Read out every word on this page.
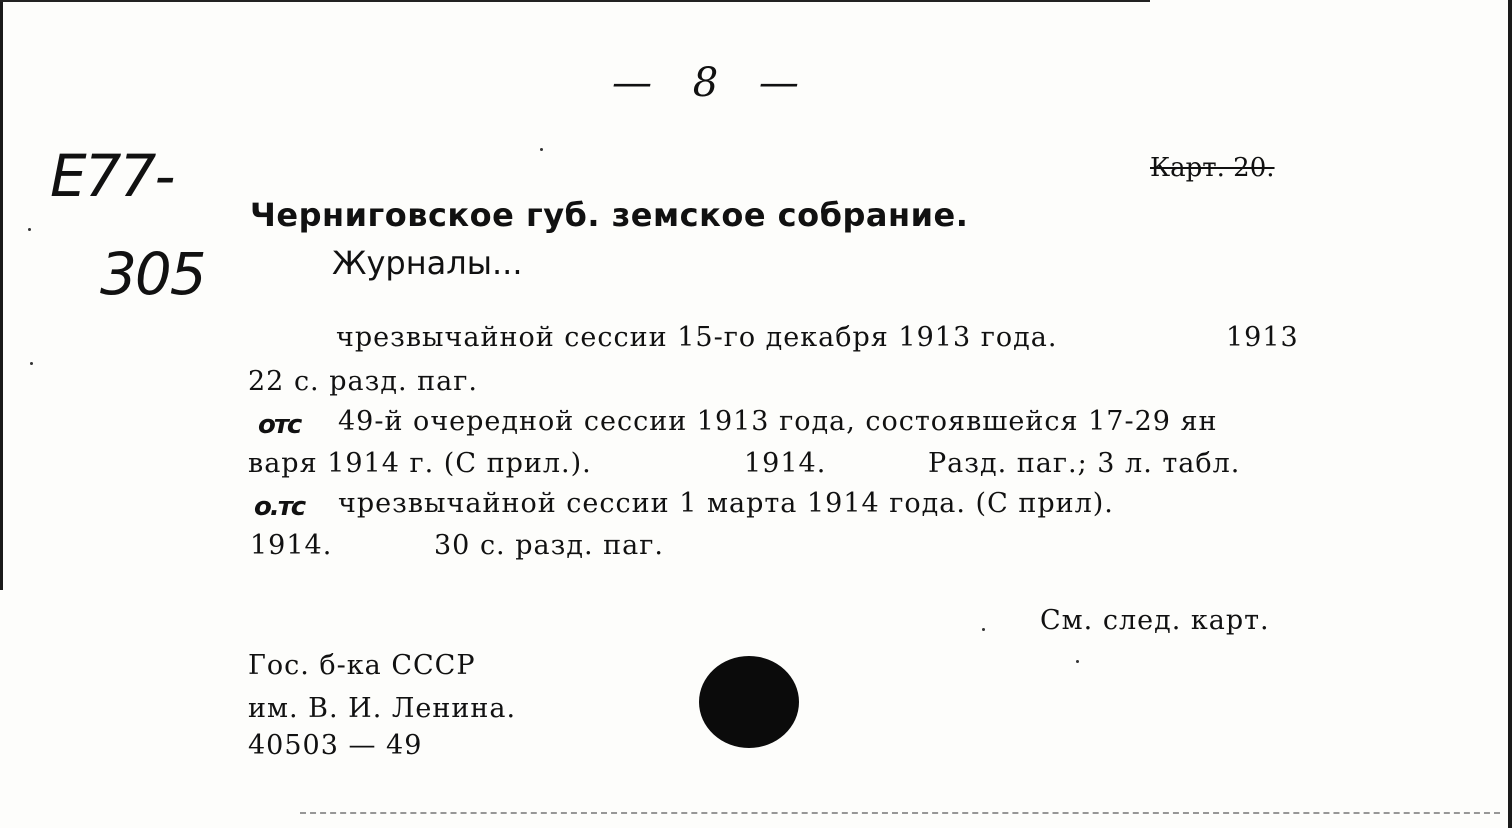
— 8 —
E77-
305
Карт. 20.
Черниговское губ. земское собрание.
Журналы...
чрезвычайной сессии 15-го декабря 1913 года.	1913
22 с. разд. паг.
отс 49-й очередной сессии 1913 года, состоявшейся 17-29 ян
варя 1914 г. (С прил.).	1914.	Разд. паг.; 3 л. табл.
о.тс чрезвычайной сессии 1 марта 1914 года. (С прил).
1914.	30 с. разд. паг.
См. след. карт.
Гос. б-ка СССР
им. В. И. Ленина.
40503 — 49
